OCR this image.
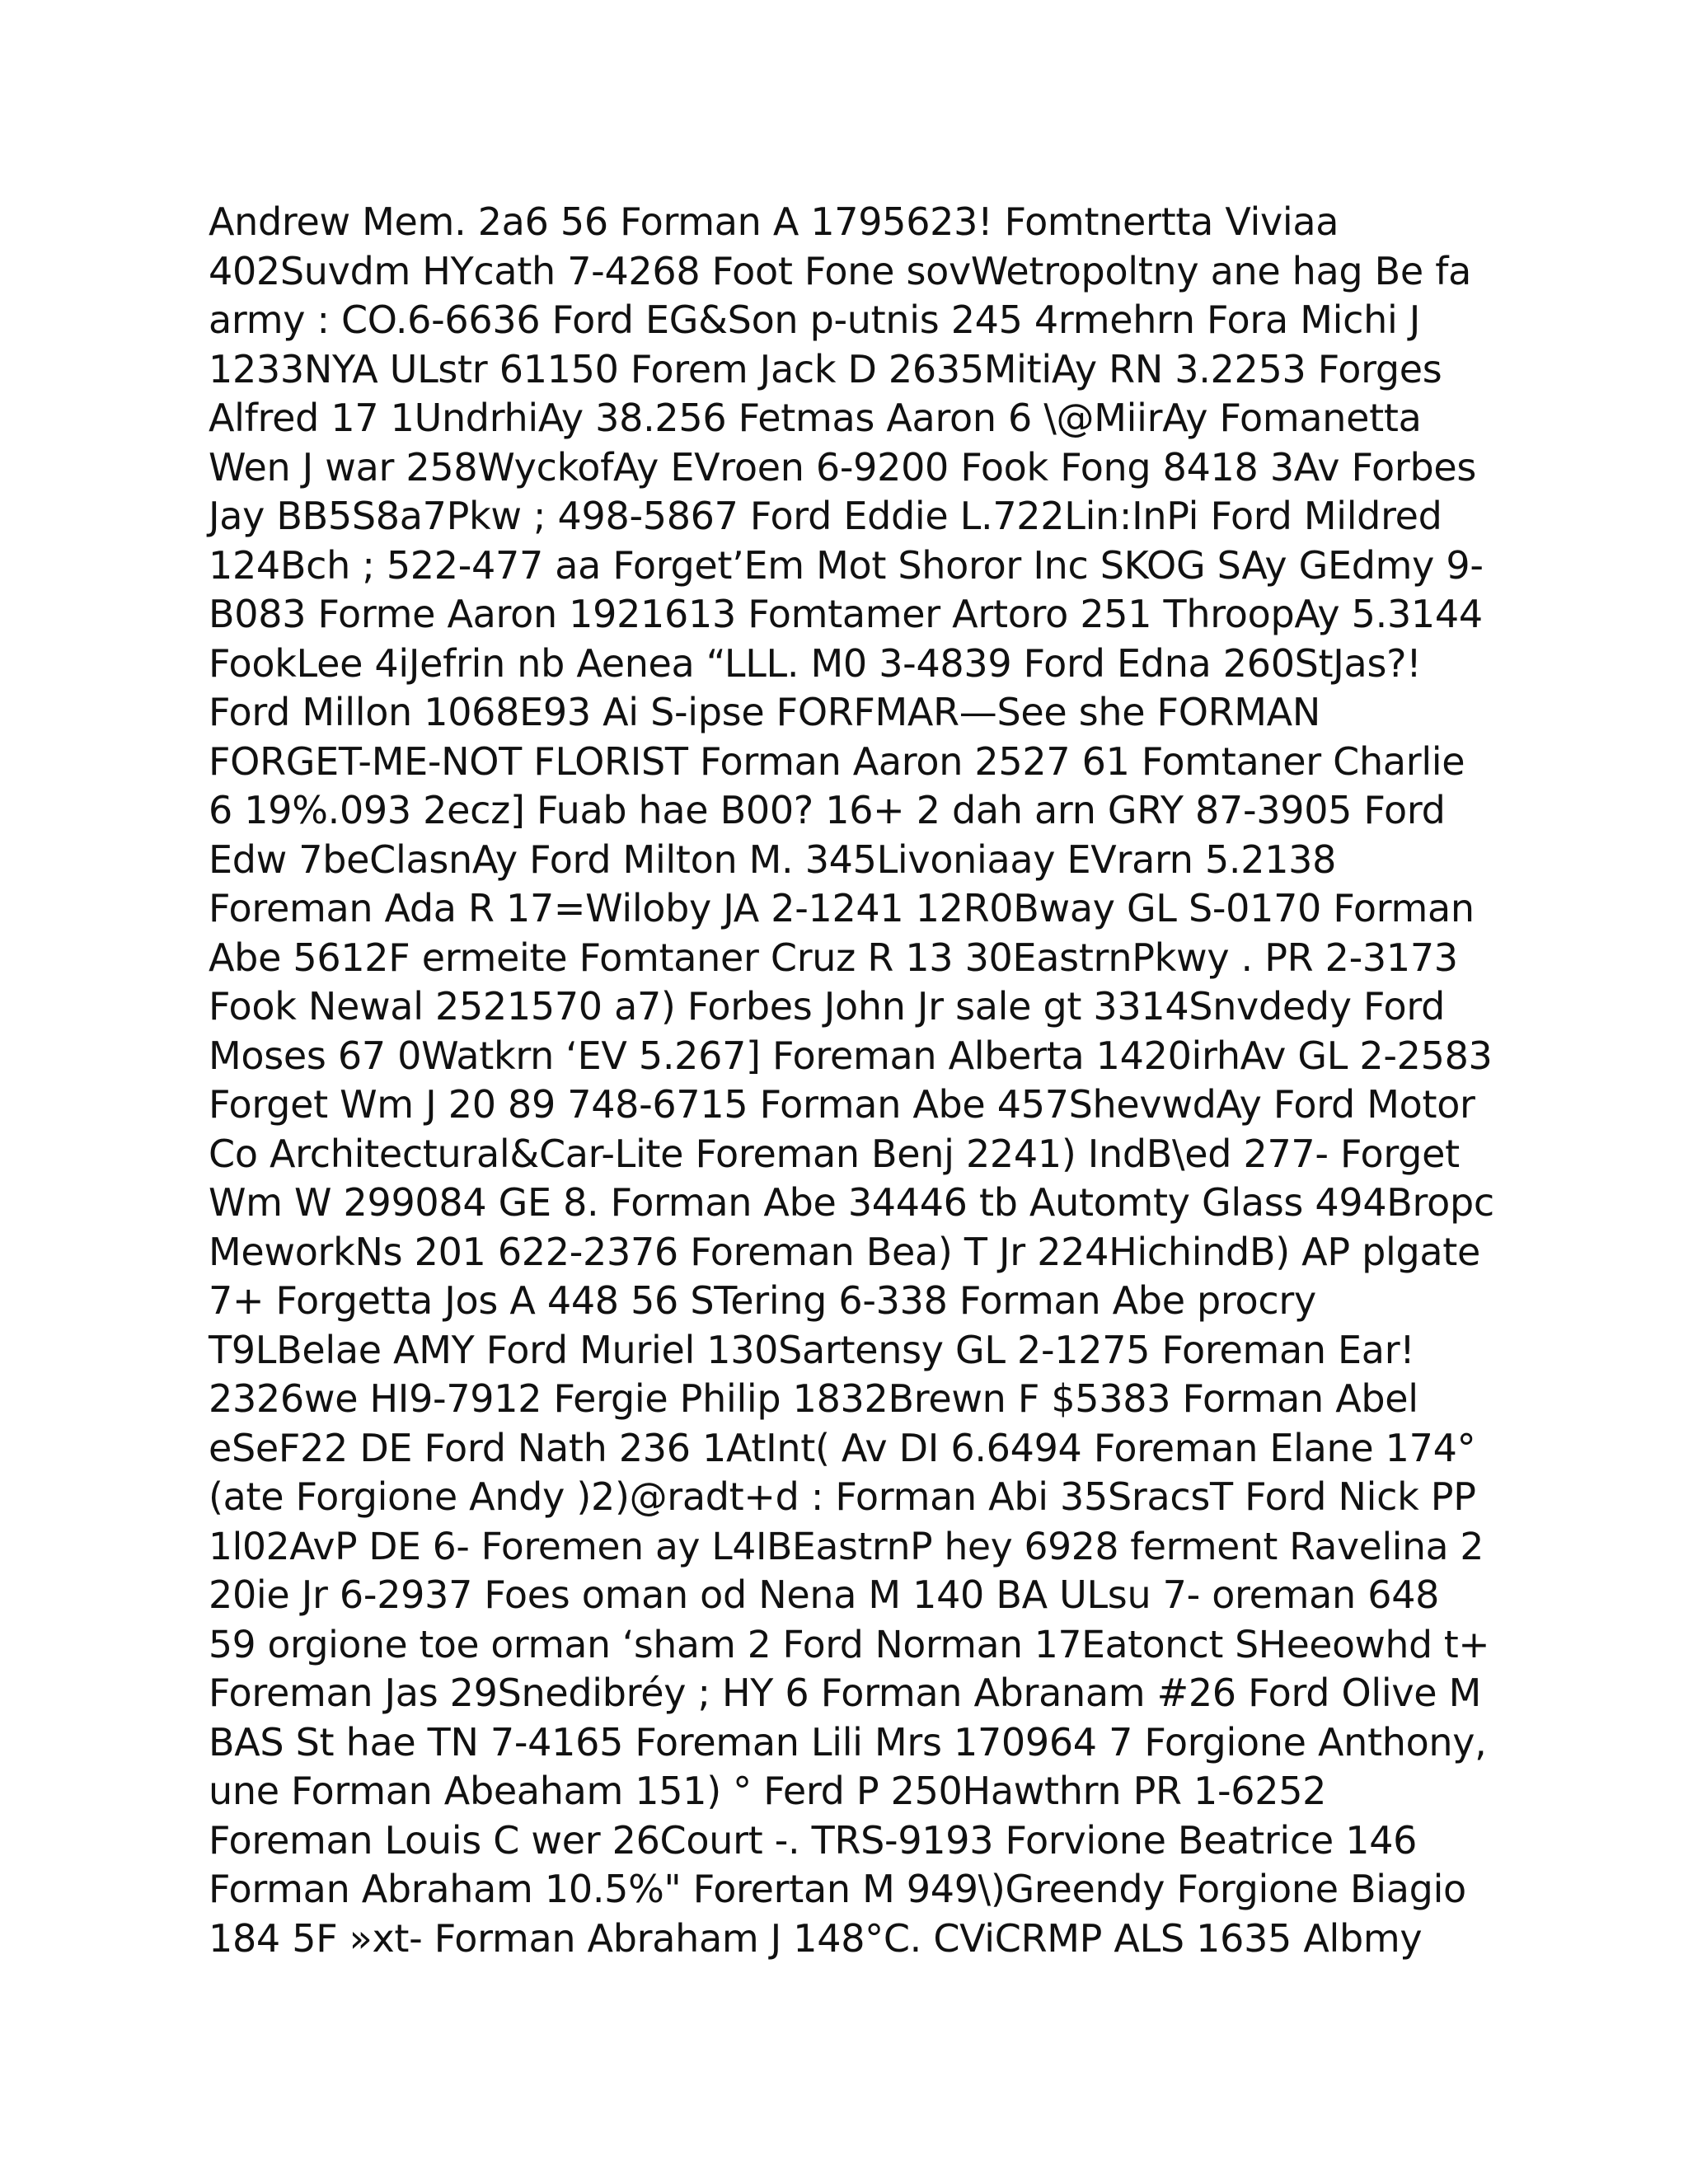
Andrew Mem. 2a6 56 Forman A 1795623! Fomtnertta Viviaa
402Suvdm HYcath 7-4268 Foot Fone sovWetropoltny ane hag Be fa
army : CO.6-6636 Ford EG&Son p-utnis 245 4rmehrn Fora Michi J
1233NYA ULstr 61150 Forem Jack D 2635MitiAy RN 3.2253 Forges
Alfred 17 1UndrhiAy 38.256 Fetmas Aaron 6 \@MiirAy Fomanetta
Wen J war 258WyckofAy EVroen 6-9200 Fook Fong 8418 3Av Forbes
Jay BB5S8a7Pkw ; 498-5867 Ford Eddie L.722Lin:InPi Ford Mildred
124Bch ; 522-477 aa Forget’Em Mot Shoror Inc SKOG SAy GEdmy 9-
B083 Forme Aaron 1921613 Fomtamer Artoro 251 ThroopAy 5.3144
FookLee 4iJefrin nb Aenea “LLL. M0 3-4839 Ford Edna 260StJas?!
Ford Millon 1068E93 Ai S-ipse FORFMAR—See she FORMAN
FORGET-ME-NOT FLORIST Forman Aaron 2527 61 Fomtaner Charlie
6 19%.093 2ecz] Fuab hae B00? 16+ 2 dah arn GRY 87-3905 Ford
Edw 7beClasnAy Ford Milton M. 345Livoniaay EVrarn 5.2138
Foreman Ada R 17=Wiloby JA 2-1241 12R0Bway GL S-0170 Forman
Abe 5612F ermeite Fomtaner Cruz R 13 30EastrnPkwy . PR 2-3173
Fook Newal 2521570 a7) Forbes John Jr sale gt 3314Snvdedy Ford
Moses 67 0Watkrn ‘EV 5.267] Foreman Alberta 1420irhAv GL 2-2583
Forget Wm J 20 89 748-6715 Forman Abe 457ShevwdAy Ford Motor
Co Architectural&Car-Lite Foreman Benj 2241) IndB\ed 277- Forget
Wm W 299084 GE 8. Forman Abe 34446 tb Automty Glass 494Bropc
MeworkNs 201 622-2376 Foreman Bea) T Jr 224HichindB) AP plgate
7+ Forgetta Jos A 448 56 STering 6-338 Forman Abe procry
T9LBelae AMY Ford Muriel 130Sartensy GL 2-1275 Foreman Ear!
2326we HI9-7912 Fergie Philip 1832Brewn F $5383 Forman Abel
eSeF22 DE Ford Nath 236 1AtInt( Av DI 6.6494 Foreman Elane 174°
(ate Forgione Andy )2)@radt+d : Forman Abi 35SracsT Ford Nick PP
1l02AvP DE 6- Foremen ay L4IBEastrnP hey 6928 ferment Ravelina 2
20ie Jr 6-2937 Foes oman od Nena M 140 BA ULsu 7- oreman 648
59 orgione toe orman ‘sham 2 Ford Norman 17Eatonct SHeeowhd t+
Foreman Jas 29Snedibréy ; HY 6 Forman Abranam #26 Ford Olive M
BAS St hae TN 7-4165 Foreman Lili Mrs 170964 7 Forgione Anthony,
une Forman Abeaham 151) ° Ferd P 250Hawthrn PR 1-6252
Foreman Louis C wer 26Court -. TRS-9193 Forvione Beatrice 146
Forman Abraham 10.5%" Forertan M 949\)Greendy Forgione Biagio
184 5F »xt- Forman Abraham J 148°C. CViCRMP ALS 1635 Albmy
